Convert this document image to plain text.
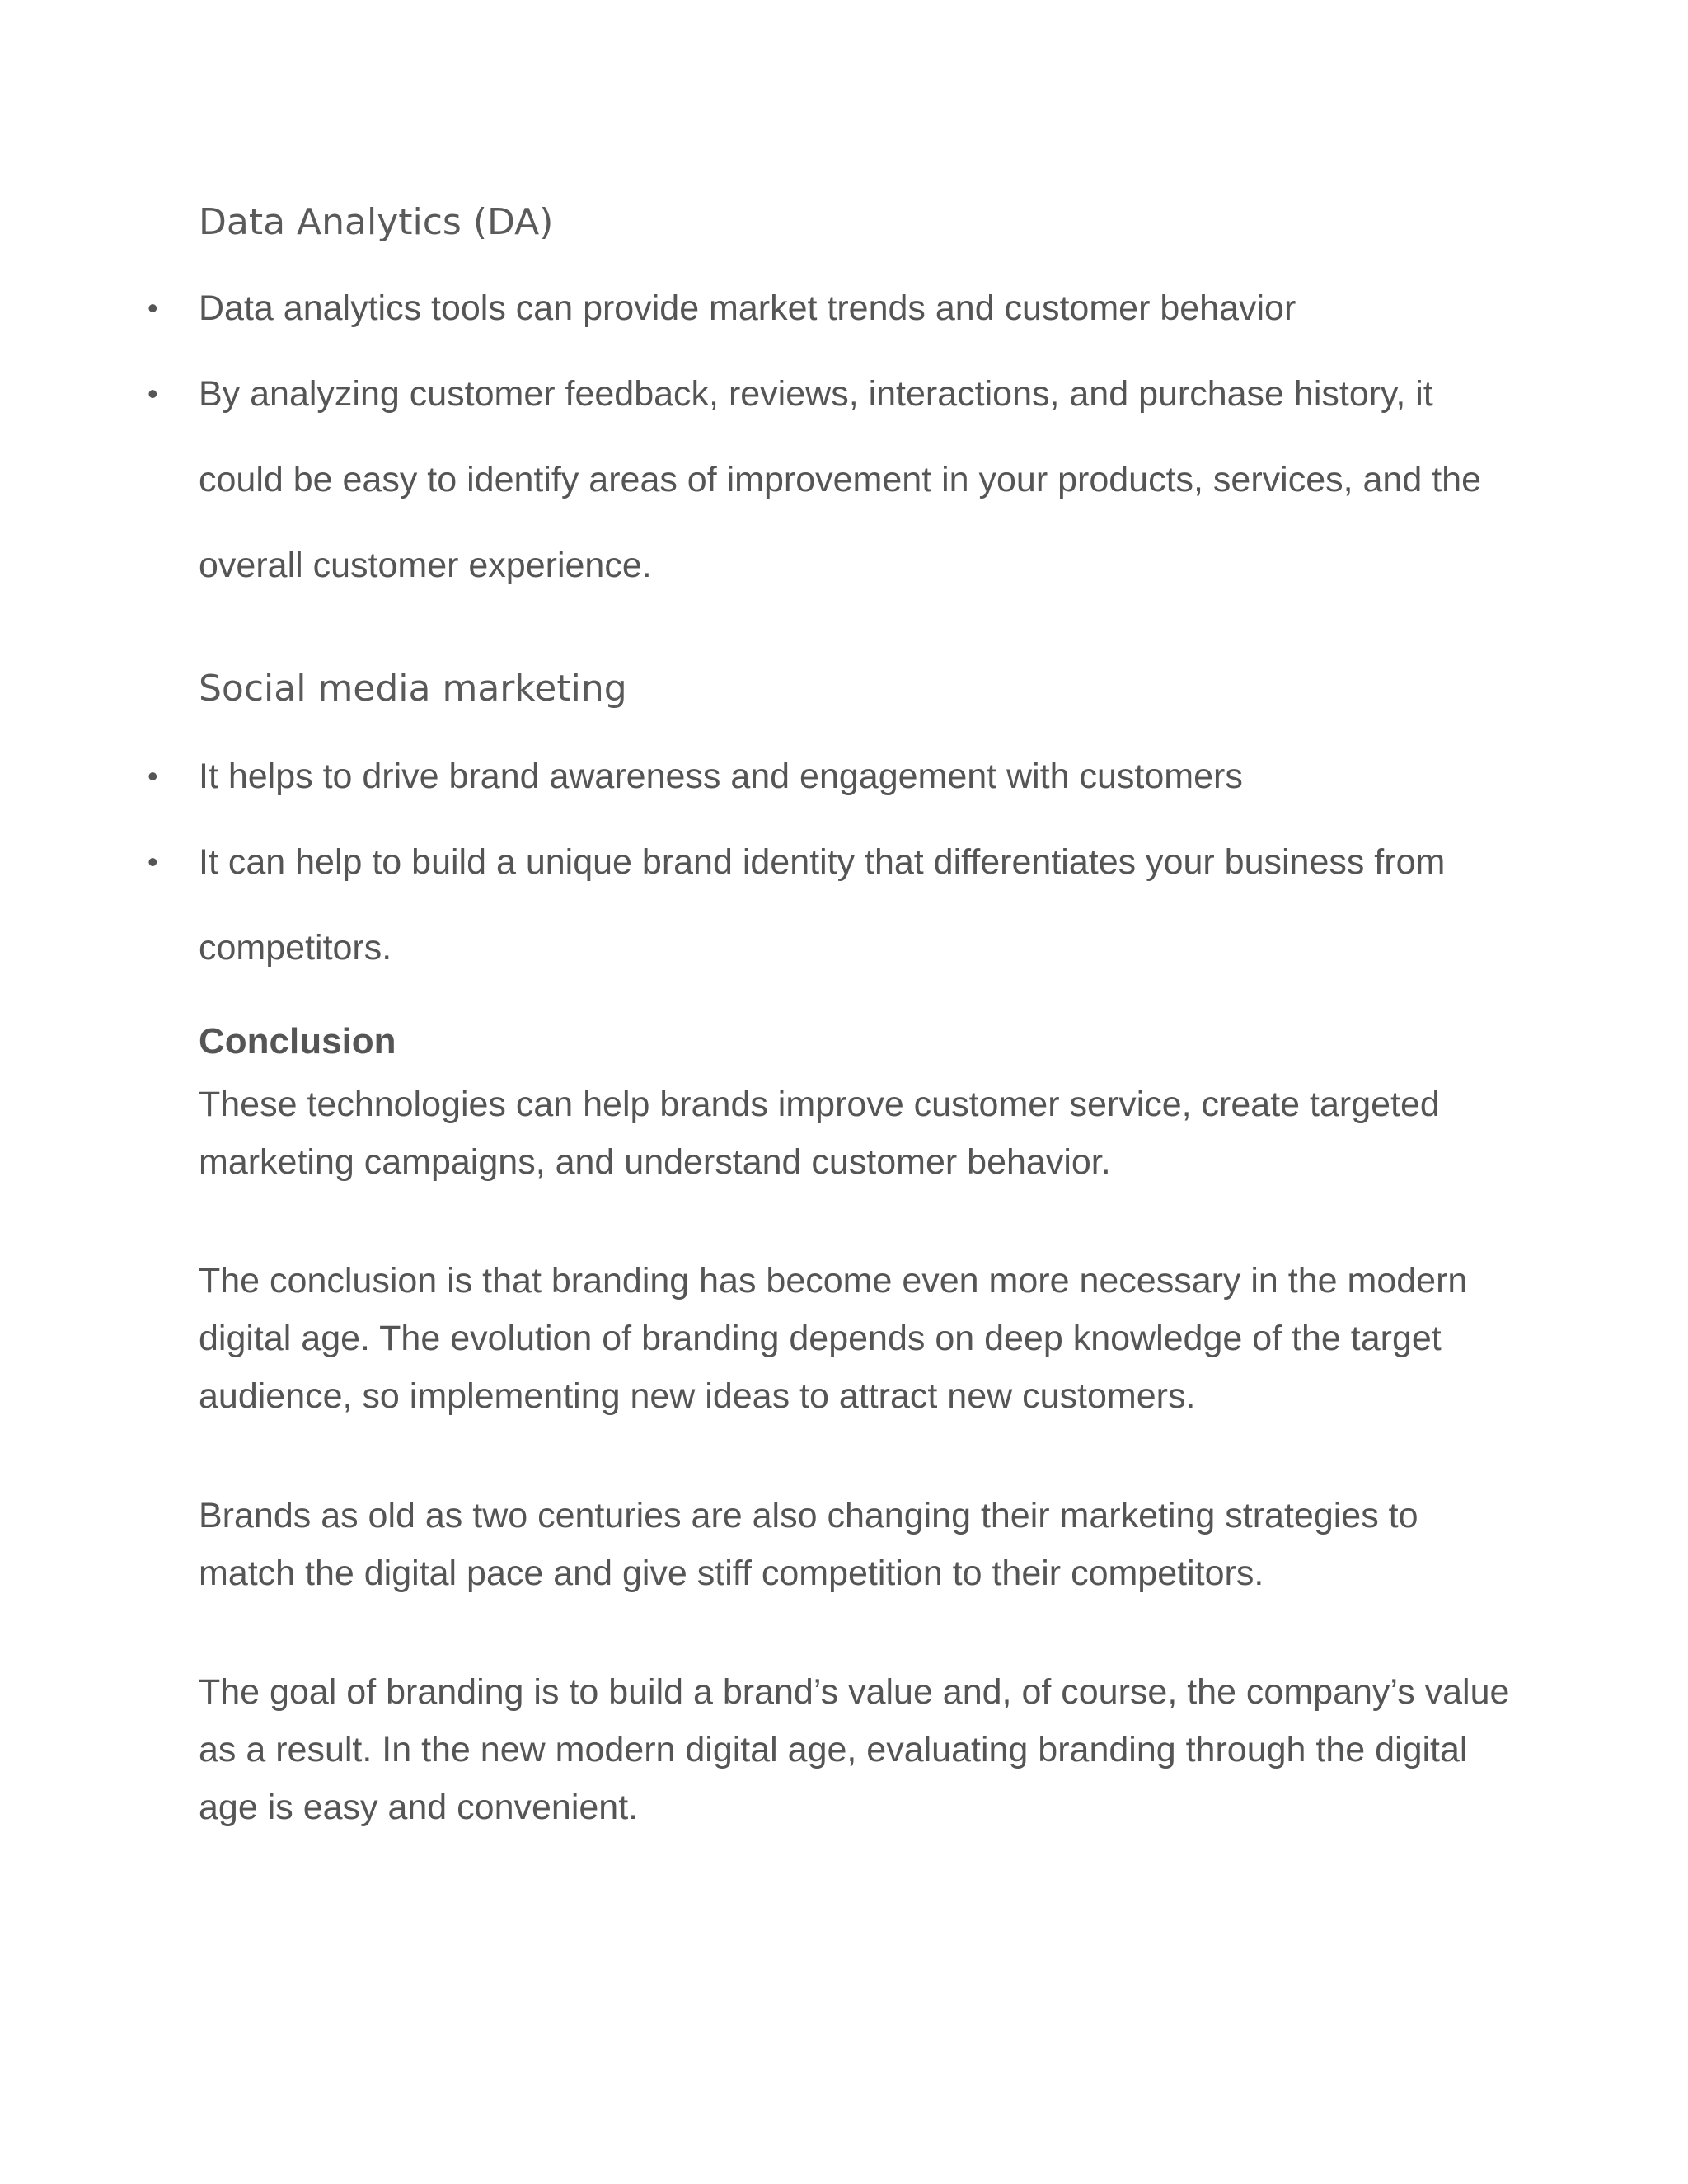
Data Analytics (DA)
• Data analytics tools can provide market trends and customer behavior
• By analyzing customer feedback, reviews, interactions, and purchase history, it could be easy to identify areas of improvement in your products, services, and the overall customer experience.
Social media marketing
• It helps to drive brand awareness and engagement with customers
• It can help to build a unique brand identity that differentiates your business from competitors.
Conclusion

These technologies can help brands improve customer service, create targeted marketing campaigns, and understand customer behavior.

The conclusion is that branding has become even more necessary in the modern digital age. The evolution of branding depends on deep knowledge of the target audience, so implementing new ideas to attract new customers.

Brands as old as two centuries are also changing their marketing strategies to match the digital pace and give stiff competition to their competitors.

The goal of branding is to build a brand’s value and, of course, the company’s value as a result. In the new modern digital age, evaluating branding through the digital age is easy and convenient.
